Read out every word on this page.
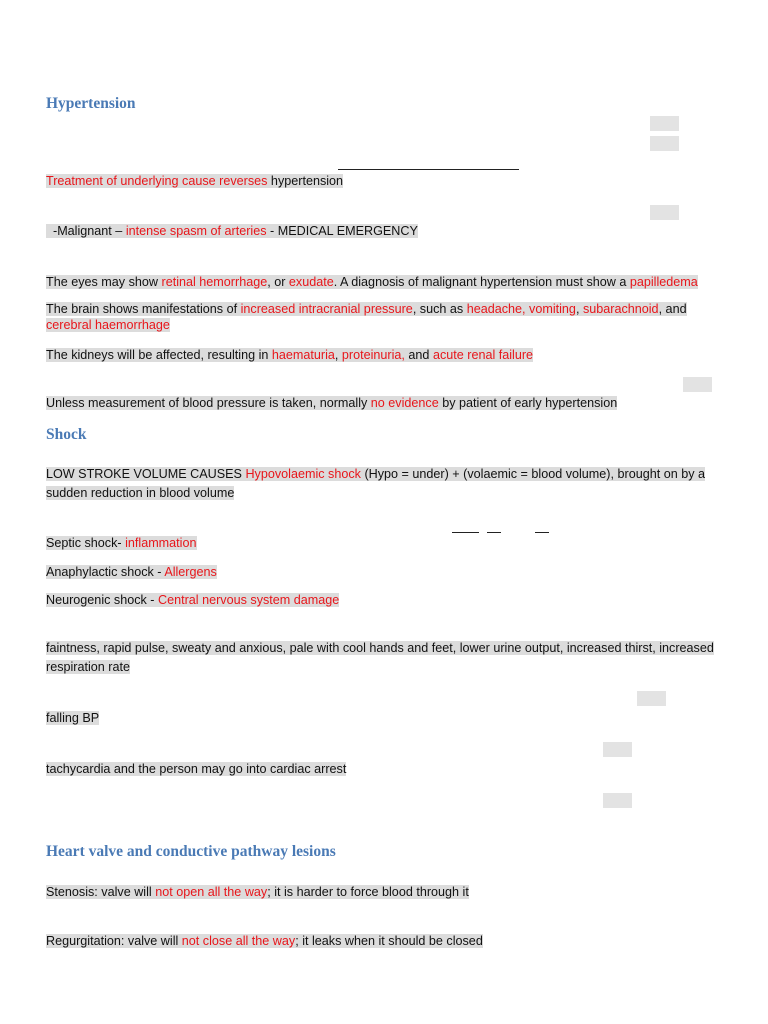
Hypertension
Treatment of underlying cause reverses hypertension
-Malignant – intense spasm of arteries - MEDICAL EMERGENCY
The eyes may show retinal hemorrhage, or exudate. A diagnosis of malignant hypertension must show a papilledema
The brain shows manifestations of increased intracranial pressure, such as headache, vomiting, subarachnoid, and cerebral haemorrhage
The kidneys will be affected, resulting in haematuria, proteinuria, and acute renal failure
Unless measurement of blood pressure is taken, normally no evidence by patient of early hypertension
Shock
LOW STROKE VOLUME CAUSES Hypovolaemic shock (Hypo = under) + (volaemic = blood volume), brought on by a sudden reduction in blood volume
Septic shock- inflammation
Anaphylactic shock - Allergens
Neurogenic shock - Central nervous system damage
faintness, rapid pulse, sweaty and anxious, pale with cool hands and feet, lower urine output, increased thirst, increased respiration rate
falling BP
tachycardia and the person may go into cardiac arrest
Heart valve and conductive pathway lesions
Stenosis: valve will not open all the way; it is harder to force blood through it
Regurgitation: valve will not close all the way; it leaks when it should be closed
